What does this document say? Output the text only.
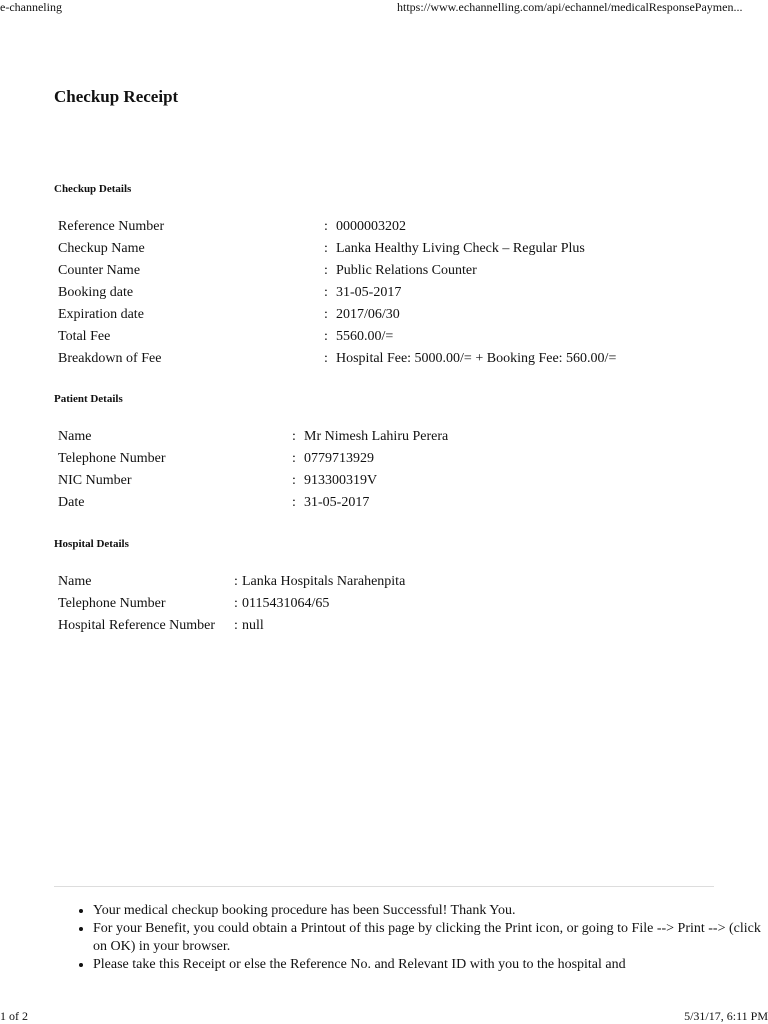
e-channeling	https://www.echannelling.com/api/echannel/medicalResponsePaymen...
Checkup Receipt
Checkup Details
Reference Number	:	0000003202
Checkup Name	:	Lanka Healthy Living Check – Regular Plus
Counter Name	:	Public Relations Counter
Booking date	:	31-05-2017
Expiration date	:	2017/06/30
Total Fee	:	5560.00/=
Breakdown of Fee	:	Hospital Fee: 5000.00/= + Booking Fee: 560.00/=
Patient Details
Name	:	Mr Nimesh Lahiru Perera
Telephone Number	:	0779713929
NIC Number	:	913300319V
Date	:	31-05-2017
Hospital Details
Name	:	Lanka Hospitals Narahenpita
Telephone Number	:	0115431064/65
Hospital Reference Number	:	null
• Your medical checkup booking procedure has been Successful! Thank You.
• For your Benefit, you could obtain a Printout of this page by clicking the Print icon, or going to File --> Print --> (click on OK) in your browser.
• Please take this Receipt or else the Reference No. and Relevant ID with you to the hospital and
1 of 2	5/31/17, 6:11 PM
